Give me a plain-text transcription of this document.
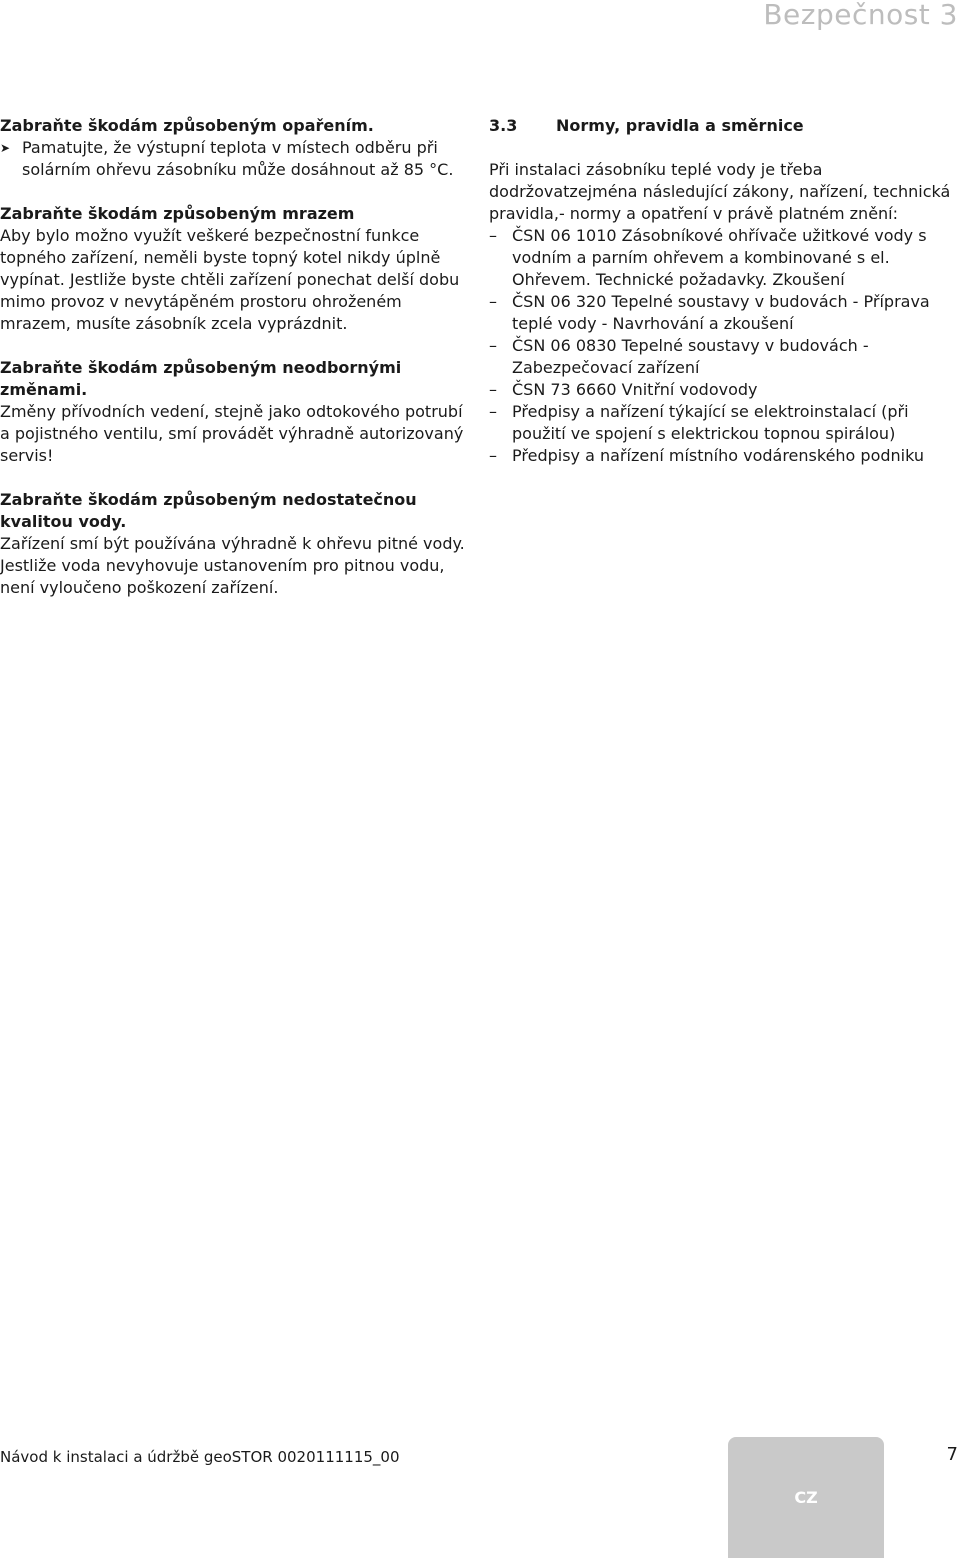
Bezpečnost 3

Zabraňte škodám způsobeným opařením.

➤ Pamatujte, že výstupní teplota v místech odběru při solárním ohřevu zásobníku může dosáhnout až 85 °C.

Zabraňte škodám způsobeným mrazem

Aby bylo možno využít veškeré bezpečnostní funkce topného zařízení, neměli byste topný kotel nikdy úplně vypínat. Jestliže byste chtěli zařízení ponechat delší dobu mimo provoz v nevytápěném prostoru ohroženém mrazem, musíte zásobník zcela vyprázdnit.

Zabraňte škodám způsobeným neodbornými změnami.

Změny přívodních vedení, stejně jako odtokového potrubí a pojistného ventilu, smí provádět výhradně autorizovaný servis!

Zabraňte škodám způsobeným nedostatečnou kvalitou vody.

Zařízení smí být používána výhradně k ohřevu pitné vody. Jestliže voda nevyhovuje ustanovením pro pitnou vodu, není vyloučeno poškození zařízení.

3.3	Normy, pravidla a směrnice

Při instalaci zásobníku teplé vody je třeba dodržovatzejména následující zákony, nařízení, technická pravidla,- normy a opatření v právě platném znění:

– ČSN 06 1010 Zásobníkové ohřívače užitkové vody s vodním a parním ohřevem a kombinované s el. Ohřevem. Technické požadavky. Zkoušení
– ČSN 06 320 Tepelné soustavy v budovách - Příprava teplé vody - Navrhování a zkoušení
– ČSN 06 0830 Tepelné soustavy v budovách - Zabezpečovací zařízení
– ČSN 73 6660 Vnitřní vodovody
– Předpisy a nařízení týkající se elektroinstalací (při použití ve spojení s elektrickou topnou spirálou)
– Předpisy a nařízení místního vodárenského podniku
Návod k instalaci a údržbě geoSTOR 0020111115_00
CZ
7
